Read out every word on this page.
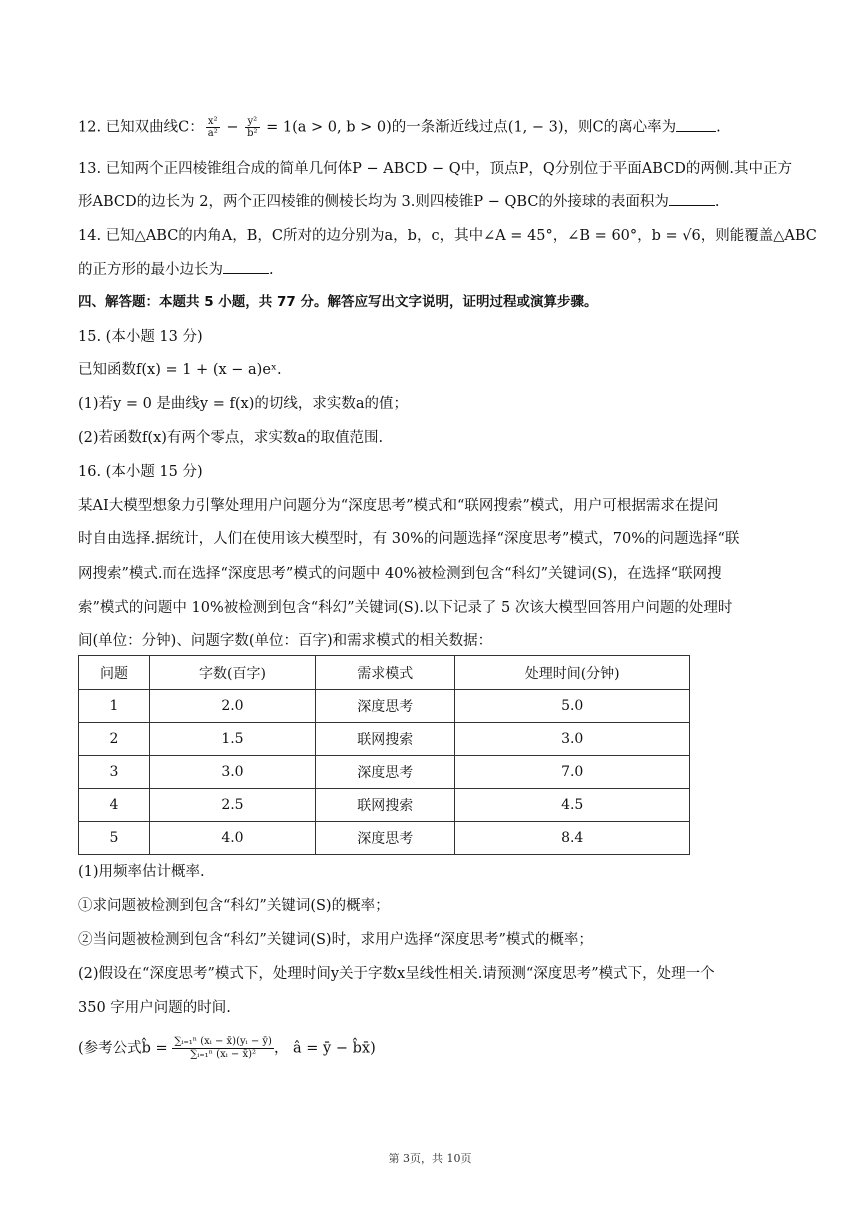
12. 已知双曲线C： $\frac{\text{x²}}{\text{a²}} - \frac{\text{y²}}{\text{b²}} = 1(a > 0$, b > 0)的一条渐近线过点(1, − 3)，则C的离心率为	.
13. 已知两个正四棱锥组合成的简单几何体P − ABCD − Q中，顶点P，Q分别位于平面ABCD的两侧.其中正方
形ABCD的边长为 2，两个正四棱锥的侧棱长均为 3.则四棱锥P − QBC的外接球的表面积为	.
14. 已知△ABC的内角A，B，C所对的边分别为a，b，c，其中∠A = 45°，∠B = 60°，b = √6，则能覆盖△ABC
的正方形的最小边长为	.
四、解答题：本题共 5 小题，共 77 分。解答应写出文字说明，证明过程或演算步骤。
15. (本小题 13 分)
已知函数f(x) = 1 + (x − a)eˣ.
(1)若y = 0 是曲线y = f(x)的切线，求实数a的值；
(2)若函数f(x)有两个零点，求实数a的取值范围.
16. (本小题 15 分)
某AI大模型想象力引擎处理用户问题分为“深度思考”模式和“联网搜索”模式，用户可根据需求在提问
时自由选择.据统计，人们在使用该大模型时，有 30%的问题选择“深度思考”模式，70%的问题选择“联
网搜索”模式.而在选择“深度思考”模式的问题中 40%被检测到包含“科幻”关键词(S)，在选择“联网搜
索”模式的问题中 10%被检测到包含“科幻”关键词(S).以下记录了 5 次该大模型回答用户问题的处理时
间(单位：分钟)、问题字数(单位：百字)和需求模式的相关数据：
问题	字数(百字)	需求模式	处理时间(分钟)
1	2.0	深度思考	5.0
2	1.5	联网搜索	3.0
3	3.0	深度思考	7.0
4	2.5	联网搜索	4.5
5	4.0	深度思考	8.4
(1)用频率估计概率.
①求问题被检测到包含“科幻”关键词(S)的概率；
②当问题被检测到包含“科幻”关键词(S)时，求用户选择“深度思考”模式的概率；
(2)假设在“深度思考”模式下，处理时间y关于字数x呈线性相关.请预测“深度思考”模式下，处理一个
350 字用户问题的时间.
(参考公式b̂ = $\frac{\text{∑ᵢ₌₁ⁿ (xᵢ − x̄)(yᵢ − ȳ)}}{\text{∑ᵢ₌₁ⁿ (xᵢ − x̄)²}}$， â = ȳ − b̂x̄)
第 3页，共 10页
